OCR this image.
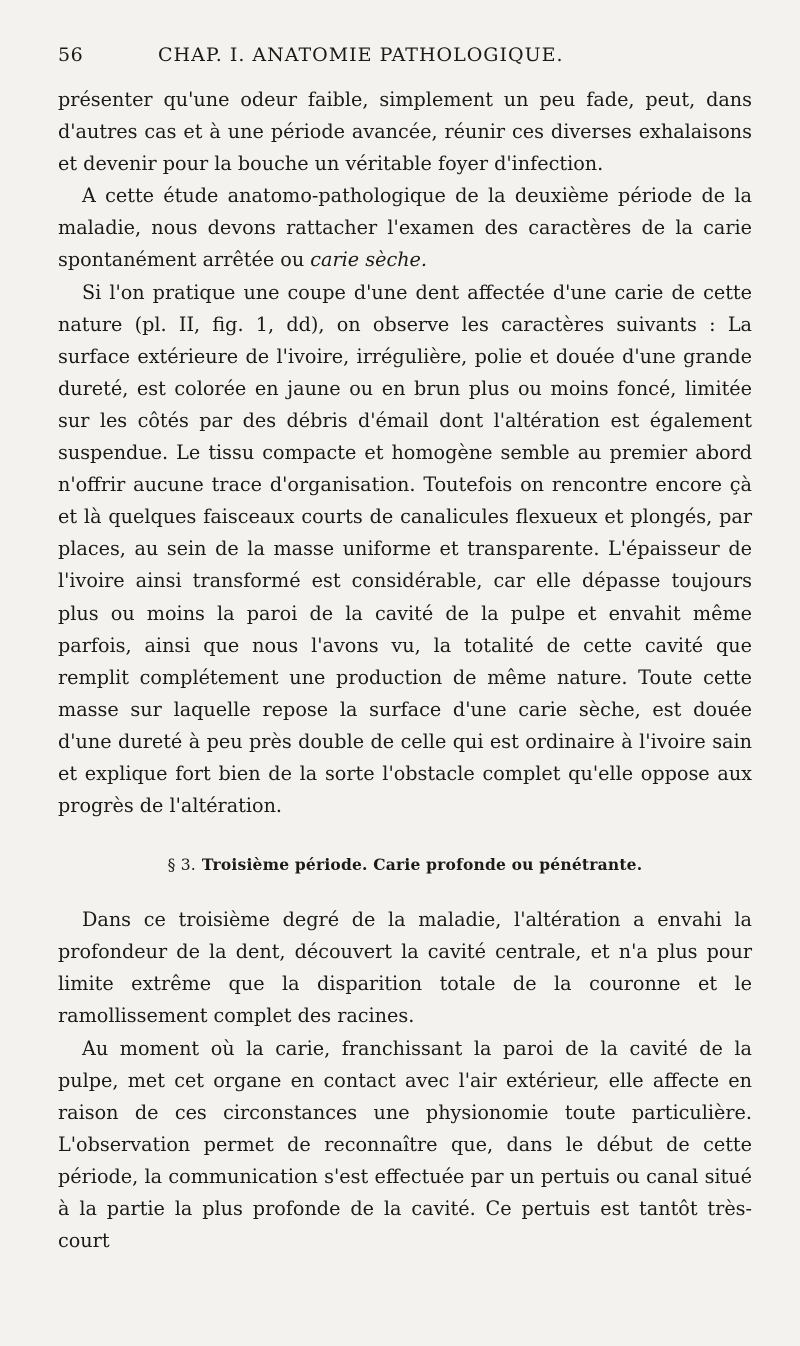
56	CHAP. I. ANATOMIE PATHOLOGIQUE.

présenter qu'une odeur faible, simplement un peu fade, peut, dans d'autres cas et à une période avancée, réunir ces diverses exhalaisons et devenir pour la bouche un véritable foyer d'infection.

A cette étude anatomo-pathologique de la deuxième période de la maladie, nous devons rattacher l'examen des caractères de la carie spontanément arrêtée ou carie sèche.

Si l'on pratique une coupe d'une dent affectée d'une carie de cette nature (pl. II, fig. 1, dd), on observe les caractères suivants : La surface extérieure de l'ivoire, irrégulière, polie et douée d'une grande dureté, est colorée en jaune ou en brun plus ou moins foncé, limitée sur les côtés par des débris d'émail dont l'altération est également suspendue. Le tissu compacte et homogène semble au premier abord n'offrir aucune trace d'organisation. Toutefois on rencontre encore çà et là quelques faisceaux courts de canalicules flexueux et plongés, par places, au sein de la masse uniforme et transparente. L'épaisseur de l'ivoire ainsi transformé est considérable, car elle dépasse toujours plus ou moins la paroi de la cavité de la pulpe et envahit même parfois, ainsi que nous l'avons vu, la totalité de cette cavité que remplit complétement une production de même nature. Toute cette masse sur laquelle repose la surface d'une carie sèche, est douée d'une dureté à peu près double de celle qui est ordinaire à l'ivoire sain et explique fort bien de la sorte l'obstacle complet qu'elle oppose aux progrès de l'altération.

§ 3. Troisième période. Carie profonde ou pénétrante.

Dans ce troisième degré de la maladie, l'altération a envahi la profondeur de la dent, découvert la cavité centrale, et n'a plus pour limite extrême que la disparition totale de la couronne et le ramollissement complet des racines.

Au moment où la carie, franchissant la paroi de la cavité de la pulpe, met cet organe en contact avec l'air extérieur, elle affecte en raison de ces circonstances une physionomie toute particulière. L'observation permet de reconnaître que, dans le début de cette période, la communication s'est effectuée par un pertuis ou canal situé à la partie la plus profonde de la cavité. Ce pertuis est tantôt très-court
